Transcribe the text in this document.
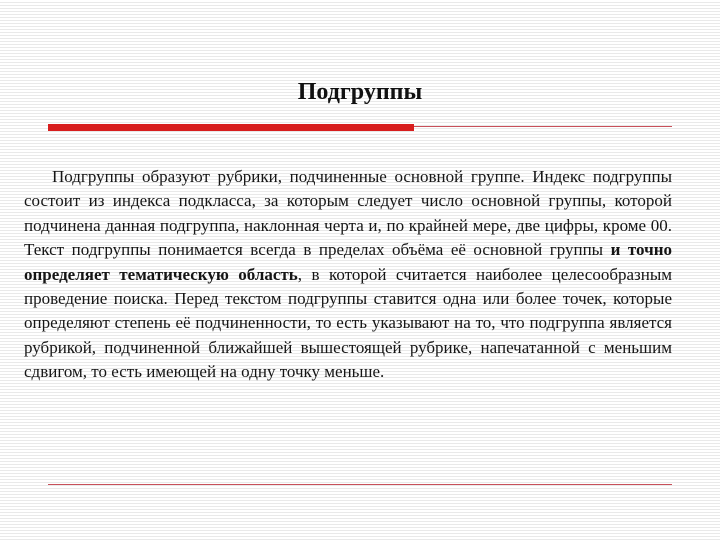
Подгруппы

Подгруппы образуют рубрики, подчиненные основной группе. Индекс подгруппы состоит из индекса подкласса, за которым следует число основной группы, которой подчинена данная подгруппа, наклонная черта и, по крайней мере, две цифры, кроме 00. Текст подгруппы понимается всегда в пределах объёма её основной группы и точно определяет тематическую область, в которой считается наиболее целесообразным проведение поиска. Перед текстом подгруппы ставится одна или более точек, которые определяют степень её подчиненности, то есть указывают на то, что подгруппа является рубрикой, подчиненной ближайшей вышестоящей рубрике, напечатанной с меньшим сдвигом, то есть имеющей на одну точку меньше.
